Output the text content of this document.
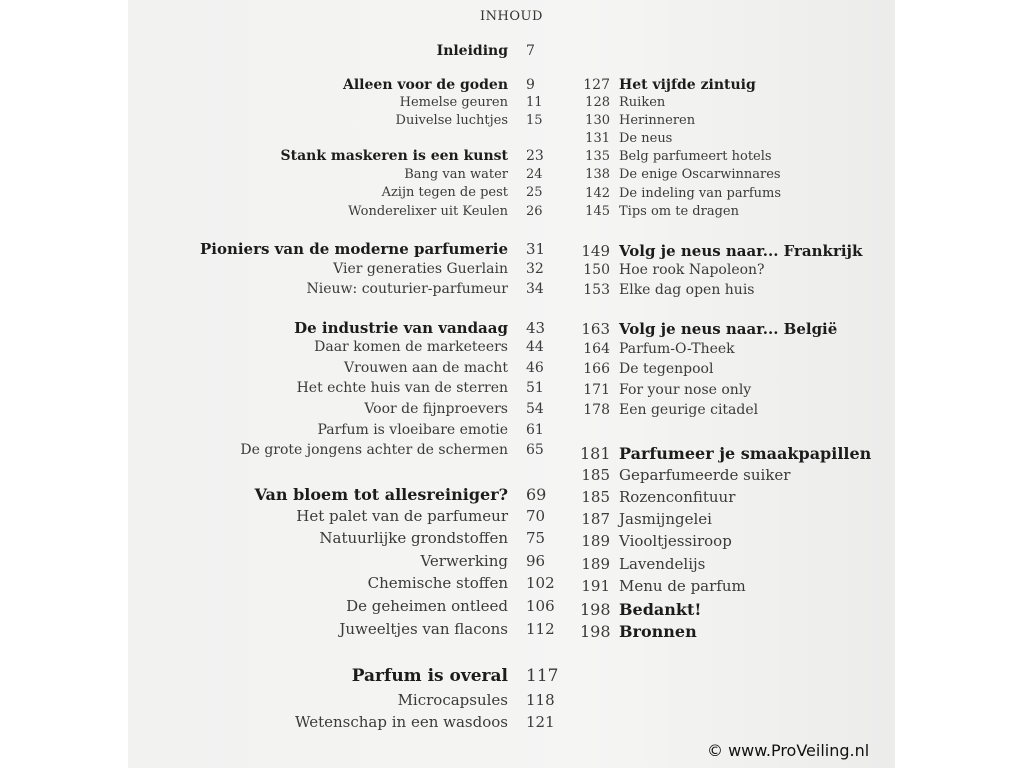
INHOUD
Inleiding 7
Alleen voor de goden 9
Hemelse geuren 11
Duivelse luchtjes 15
Stank maskeren is een kunst 23
Bang van water 24
Azijn tegen de pest 25
Wonderelixer uit Keulen 26
Pioniers van de moderne parfumerie 31
Vier generaties Guerlain 32
Nieuw: couturier-parfumeur 34
De industrie van vandaag 43
Daar komen de marketeers 44
Vrouwen aan de macht 46
Het echte huis van de sterren 51
Voor de fijnproevers 54
Parfum is vloeibare emotie 61
De grote jongens achter de schermen 65
Van bloem tot allesreiniger? 69
Het palet van de parfumeur 70
Natuurlijke grondstoffen 75
Verwerking 96
Chemische stoffen 102
De geheimen ontleed 106
Juweeltjes van flacons 112
Parfum is overal 117
Microcapsules 118
Wetenschap in een wasdoos 121
Het vijfde zintuig
127
Ruiken
128
Herinneren
130
De neus
131
Belg parfumeert hotels
135
De enige Oscarwinnares
138
De indeling van parfums
142
Tips om te dragen
145
Volg je neus naar... Frankrijk
149
Hoe rook Napoleon?
150
Elke dag open huis
153
Volg je neus naar... België
163
Parfum-O-Theek
164
De tegenpool
166
For your nose only
171
Een geurige citadel
178
Parfumeer je smaakpapillen
181
Geparfumeerde suiker
185
Rozenconfituur
185
Jasmijngelei
187
Viooltjessiroop
189
Lavendelijs
189
Menu de parfum
191
Bedankt!
198
Bronnen
198
© www.ProVeiling.nl
